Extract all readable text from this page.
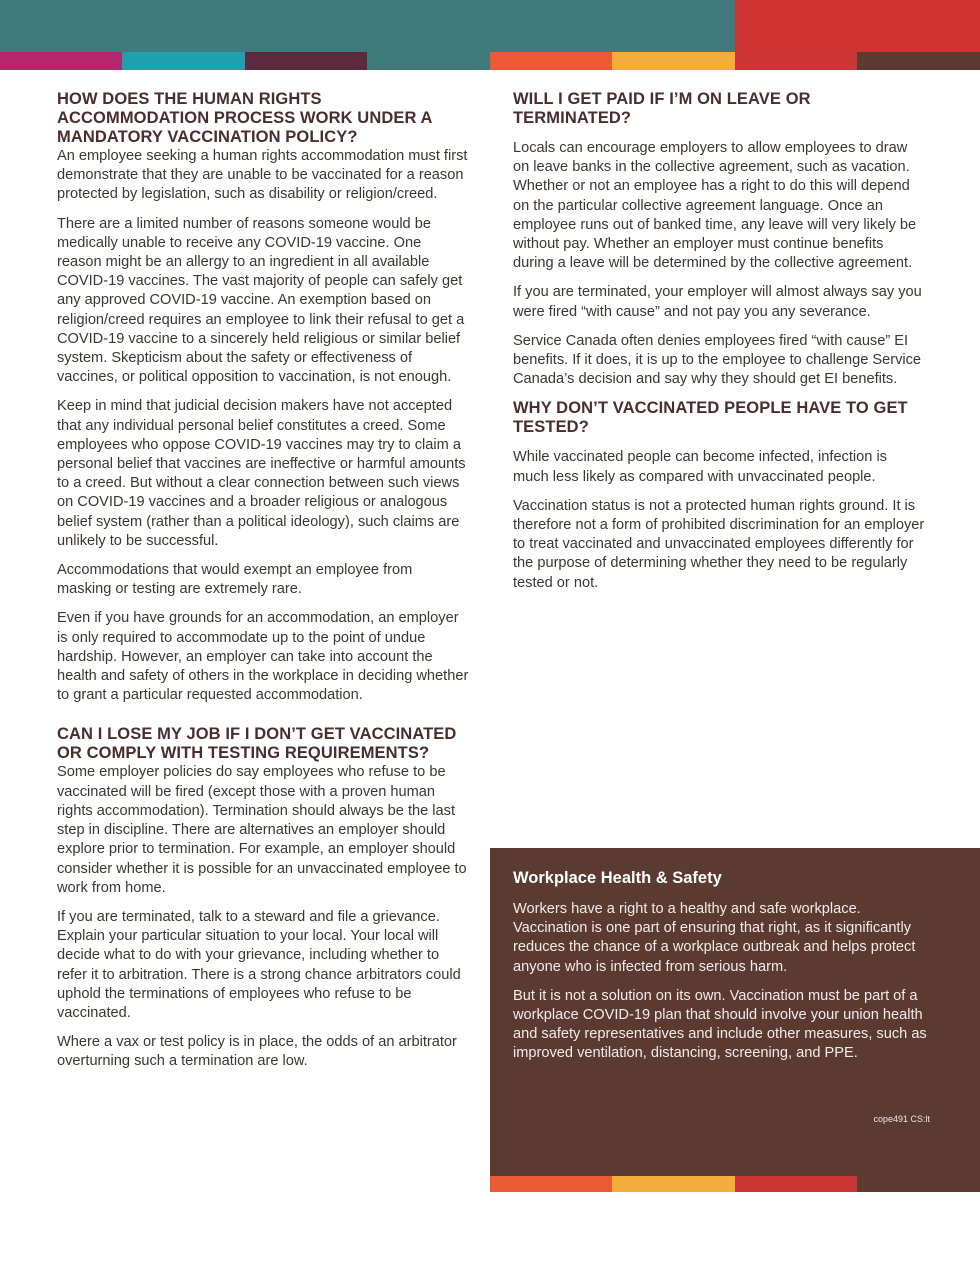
HOW DOES THE HUMAN RIGHTS ACCOMMODATION PROCESS WORK UNDER A MANDATORY VACCINATION POLICY?

An employee seeking a human rights accommodation must first demonstrate that they are unable to be vaccinated for a reason protected by legislation, such as disability or religion/creed.

There are a limited number of reasons someone would be medically unable to receive any COVID-19 vaccine. One reason might be an allergy to an ingredient in all available COVID-19 vaccines. The vast majority of people can safely get any approved COVID-19 vaccine. An exemption based on religion/creed requires an employee to link their refusal to get a COVID-19 vaccine to a sincerely held religious or similar belief system. Skepticism about the safety or effectiveness of vaccines, or political opposition to vaccination, is not enough.

Keep in mind that judicial decision makers have not accepted that any individual personal belief constitutes a creed. Some employees who oppose COVID-19 vaccines may try to claim a personal belief that vaccines are ineffective or harmful amounts to a creed. But without a clear connection between such views on COVID-19 vaccines and a broader religious or analogous belief system (rather than a political ideology), such claims are unlikely to be successful.

Accommodations that would exempt an employee from masking or testing are extremely rare.

Even if you have grounds for an accommodation, an employer is only required to accommodate up to the point of undue hardship. However, an employer can take into account the health and safety of others in the workplace in deciding whether to grant a particular requested accommodation.

CAN I LOSE MY JOB IF I DON’T GET VACCINATED OR COMPLY WITH TESTING REQUIREMENTS?

Some employer policies do say employees who refuse to be vaccinated will be fired (except those with a proven human rights accommodation). Termination should always be the last step in discipline. There are alternatives an employer should explore prior to termination. For example, an employer should consider whether it is possible for an unvaccinated employee to work from home.

If you are terminated, talk to a steward and file a grievance. Explain your particular situation to your local. Your local will decide what to do with your grievance, including whether to refer it to arbitration. There is a strong chance arbitrators could uphold the terminations of employees who refuse to be vaccinated.

Where a vax or test policy is in place, the odds of an arbitrator overturning such a termination are low.

WILL I GET PAID IF I’M ON LEAVE OR TERMINATED?

Locals can encourage employers to allow employees to draw on leave banks in the collective agreement, such as vacation. Whether or not an employee has a right to do this will depend on the particular collective agreement language. Once an employee runs out of banked time, any leave will very likely be without pay. Whether an employer must continue benefits during a leave will be determined by the collective agreement.

If you are terminated, your employer will almost always say you were fired “with cause” and not pay you any severance.

Service Canada often denies employees fired “with cause” EI benefits. If it does, it is up to the employee to challenge Service Canada’s decision and say why they should get EI benefits.

WHY DON’T VACCINATED PEOPLE HAVE TO GET TESTED?

While vaccinated people can become infected, infection is much less likely as compared with unvaccinated people.

Vaccination status is not a protected human rights ground. It is therefore not a form of prohibited discrimination for an employer to treat vaccinated and unvaccinated employees differently for the purpose of determining whether they need to be regularly tested or not.

Workplace Health & Safety

Workers have a right to a healthy and safe workplace. Vaccination is one part of ensuring that right, as it significantly reduces the chance of a workplace outbreak and helps protect anyone who is infected from serious harm.

But it is not a solution on its own. Vaccination must be part of a workplace COVID-19 plan that should involve your union health and safety representatives and include other measures, such as improved ventilation, distancing, screening, and PPE.

cope491 CS:lt
